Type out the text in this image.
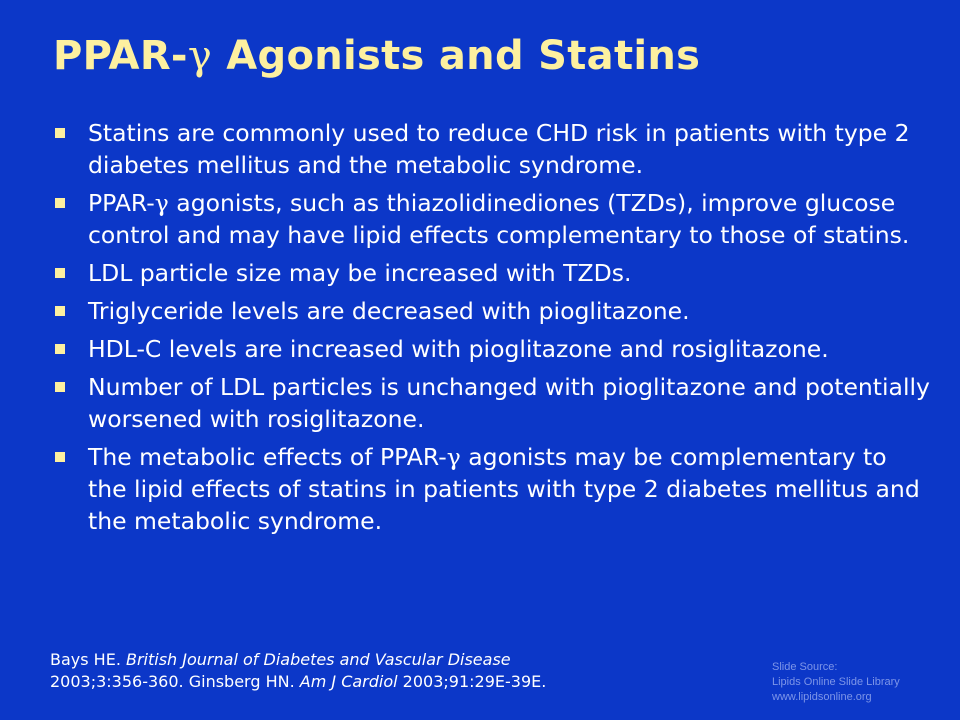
PPAR-γ Agonists and Statins
Statins are commonly used to reduce CHD risk in patients with type 2 diabetes mellitus and the metabolic syndrome.
PPAR-γ agonists, such as thiazolidinediones (TZDs), improve glucose control and may have lipid effects complementary to those of statins.
LDL particle size may be increased with TZDs.
Triglyceride levels are decreased with pioglitazone.
HDL-C levels are increased with pioglitazone and rosiglitazone.
Number of LDL particles is unchanged with pioglitazone and potentially worsened with rosiglitazone.
The metabolic effects of PPAR-γ agonists may be complementary to the lipid effects of statins in patients with type 2 diabetes mellitus and the metabolic syndrome.
Bays HE. British Journal of Diabetes and Vascular Disease
2003;3:356-360. Ginsberg HN. Am J Cardiol 2003;91:29E-39E.
Slide Source:
Lipids Online Slide Library
www.lipidsonline.org
